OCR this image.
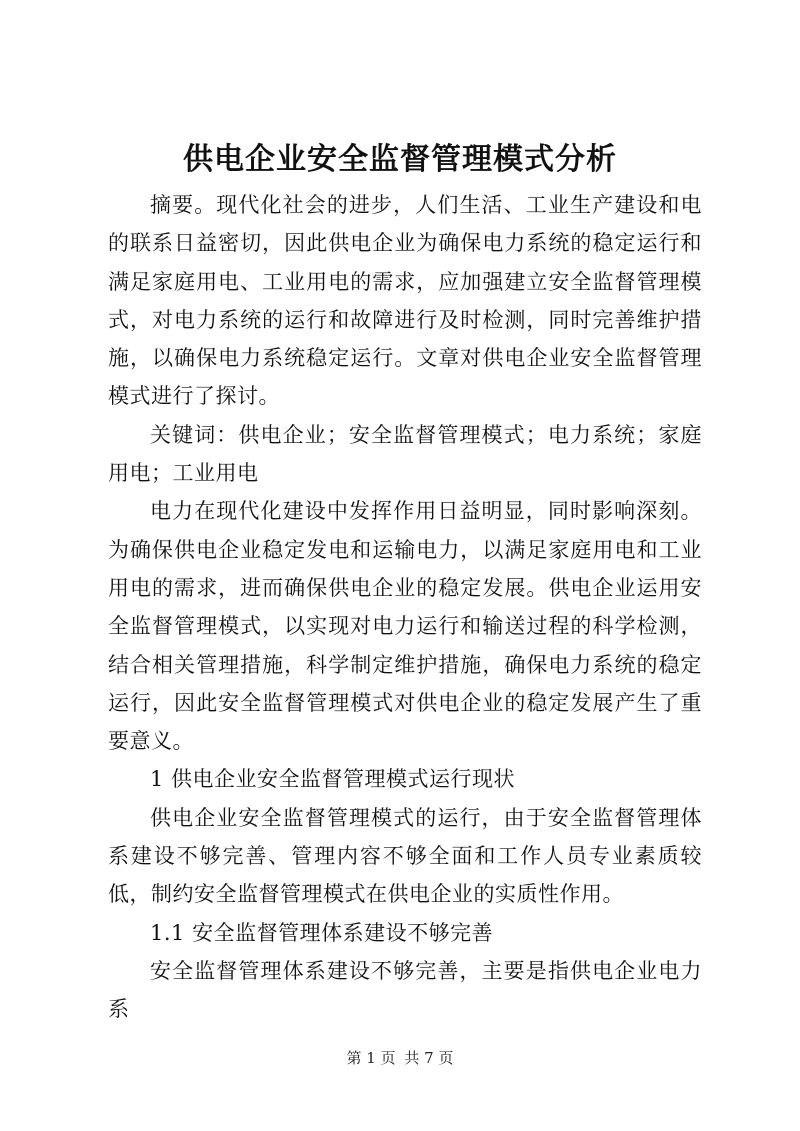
供电企业安全监督管理模式分析

摘要。现代化社会的进步，人们生活、工业生产建设和电的联系日益密切，因此供电企业为确保电力系统的稳定运行和满足家庭用电、工业用电的需求，应加强建立安全监督管理模式，对电力系统的运行和故障进行及时检测，同时完善维护措施，以确保电力系统稳定运行。文章对供电企业安全监督管理模式进行了探讨。

关键词：供电企业；安全监督管理模式；电力系统；家庭用电；工业用电

电力在现代化建设中发挥作用日益明显，同时影响深刻。为确保供电企业稳定发电和运输电力，以满足家庭用电和工业用电的需求，进而确保供电企业的稳定发展。供电企业运用安全监督管理模式，以实现对电力运行和输送过程的科学检测，结合相关管理措施，科学制定维护措施，确保电力系统的稳定运行，因此安全监督管理模式对供电企业的稳定发展产生了重要意义。

1 供电企业安全监督管理模式运行现状

供电企业安全监督管理模式的运行，由于安全监督管理体系建设不够完善、管理内容不够全面和工作人员专业素质较低，制约安全监督管理模式在供电企业的实质性作用。

1.1 安全监督管理体系建设不够完善

安全监督管理体系建设不够完善，主要是指供电企业电力系

第 1 页 共 7 页
